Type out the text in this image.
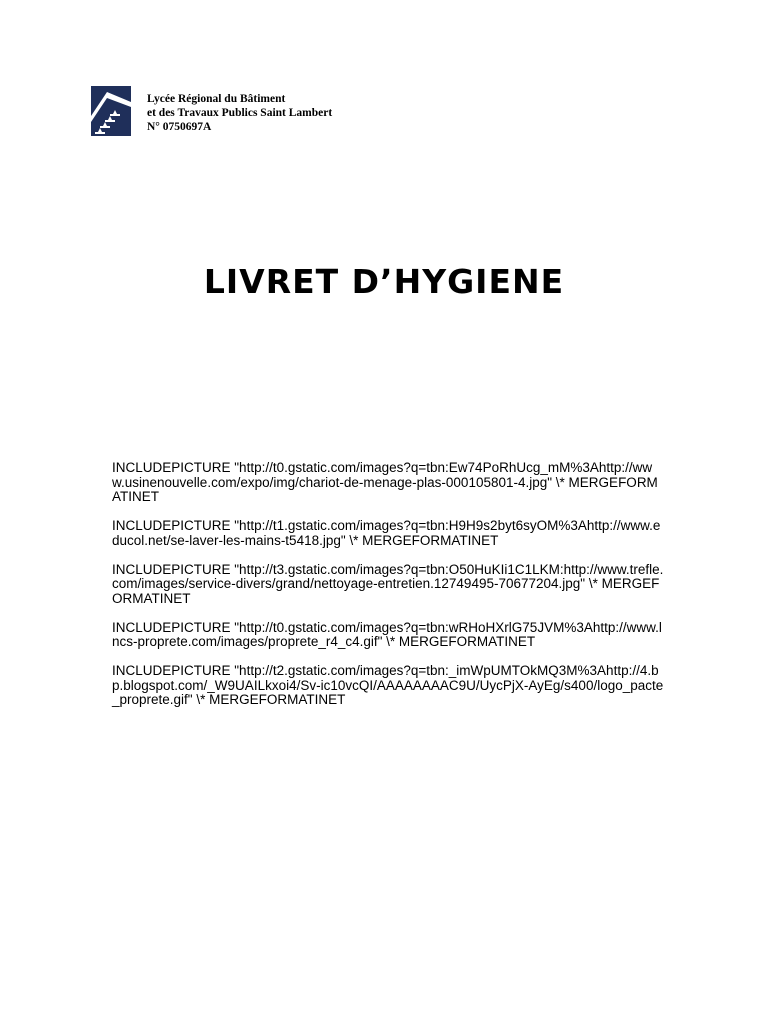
Lycée Régional du Bâtiment
et des Travaux Publics Saint Lambert
N° 0750697A
LIVRET D’HYGIENE

INCLUDEPICTURE "http://t0.gstatic.com/images?q=tbn:Ew74PoRhUcg_mM%3Ahttp://www.usinenouvelle.com/expo/img/chariot-de-menage-plas-000105801-4.jpg" \* MERGEFORMATINET

INCLUDEPICTURE "http://t1.gstatic.com/images?q=tbn:H9H9s2byt6syOM%3Ahttp://www.educol.net/se-laver-les-mains-t5418.jpg" \* MERGEFORMATINET

INCLUDEPICTURE "http://t3.gstatic.com/images?q=tbn:O50HuKIi1C1LKM:http://www.trefle.com/images/service-divers/grand/nettoyage-entretien.12749495-70677204.jpg" \* MERGEFORMATINET

INCLUDEPICTURE "http://t0.gstatic.com/images?q=tbn:wRHoHXrlG75JVM%3Ahttp://www.lncs-proprete.com/images/proprete_r4_c4.gif" \* MERGEFORMATINET

INCLUDEPICTURE "http://t2.gstatic.com/images?q=tbn:_imWpUMTOkMQ3M%3Ahttp://4.bp.blogspot.com/_W9UAILkxoi4/Sv-ic10vcQI/AAAAAAAAC9U/UycPjX-AyEg/s400/logo_pacte_proprete.gif" \* MERGEFORMATINET
